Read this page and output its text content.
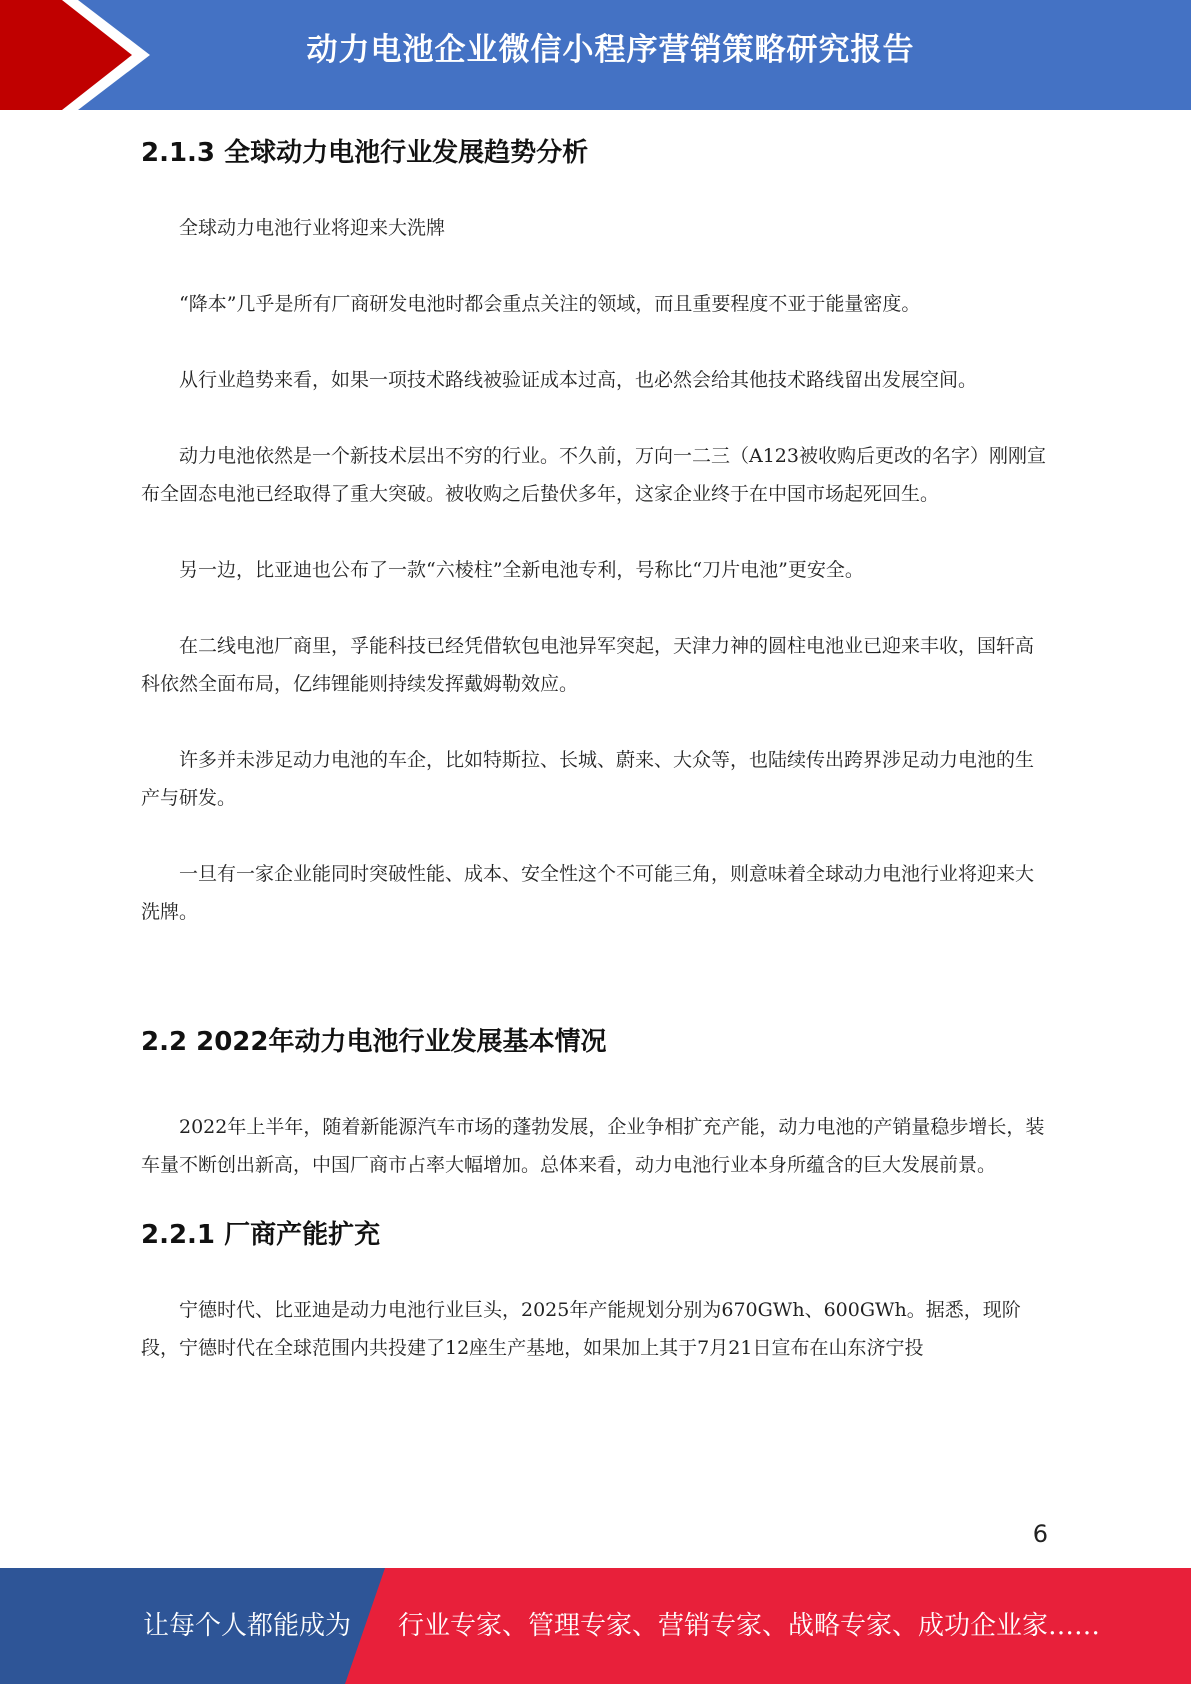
动力电池企业微信小程序营销策略研究报告
2.1.3 全球动力电池行业发展趋势分析

全球动力电池行业将迎来大洗牌

“降本”几乎是所有厂商研发电池时都会重点关注的领域，而且重要程度不亚于能量密度。

从行业趋势来看，如果一项技术路线被验证成本过高，也必然会给其他技术路线留出发展空间。

动力电池依然是一个新技术层出不穷的行业。不久前，万向一二三（A123被收购后更改的名字）刚刚宣布全固态电池已经取得了重大突破。被收购之后蛰伏多年，这家企业终于在中国市场起死回生。

另一边，比亚迪也公布了一款“六棱柱”全新电池专利，号称比“刀片电池”更安全。

在二线电池厂商里，孚能科技已经凭借软包电池异军突起，天津力神的圆柱电池业已迎来丰收，国轩高科依然全面布局，亿纬锂能则持续发挥戴姆勒效应。

许多并未涉足动力电池的车企，比如特斯拉、长城、蔚来、大众等，也陆续传出跨界涉足动力电池的生产与研发。

一旦有一家企业能同时突破性能、成本、安全性这个不可能三角，则意味着全球动力电池行业将迎来大洗牌。

2.2 2022年动力电池行业发展基本情况

2022年上半年，随着新能源汽车市场的蓬勃发展，企业争相扩充产能，动力电池的产销量稳步增长，装车量不断创出新高，中国厂商市占率大幅增加。总体来看，动力电池行业本身所蕴含的巨大发展前景。

2.2.1 厂商产能扩充

宁德时代、比亚迪是动力电池行业巨头，2025年产能规划分别为670GWh、600GWh。据悉，现阶段，宁德时代在全球范围内共投建了12座生产基地，如果加上其于7月21日宣布在山东济宁投

6
让每个人都能成为 行业专家、管理专家、营销专家、战略专家、成功企业家……
